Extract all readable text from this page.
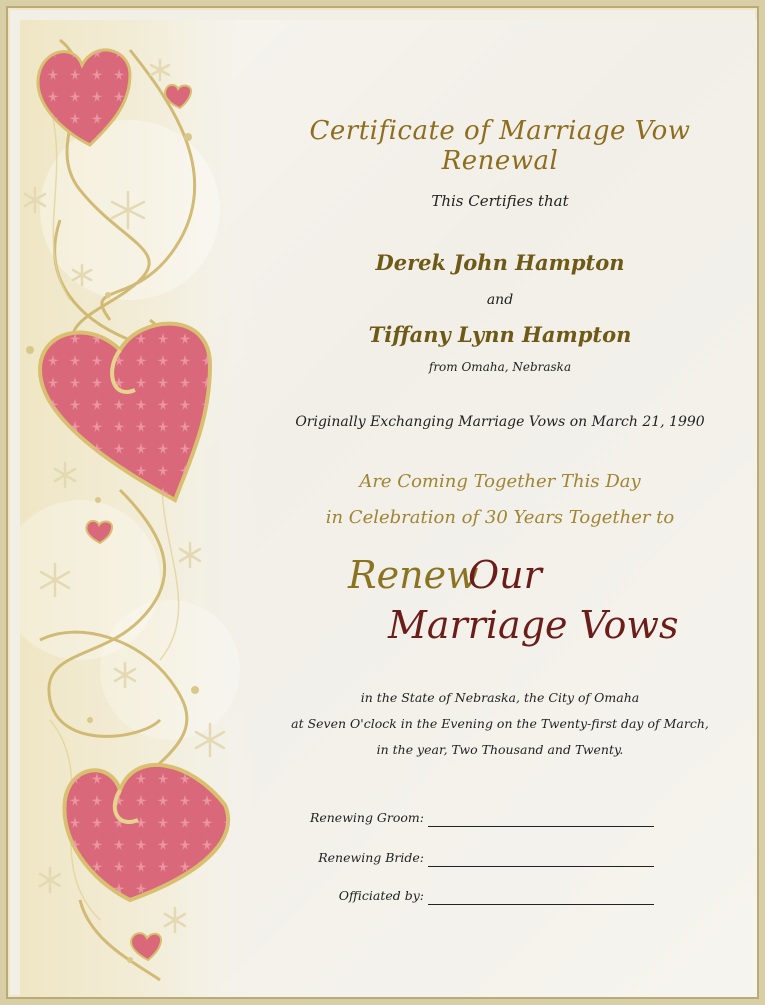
Certificate of Marriage Vow Renewal
This Certifies that
Derek John Hampton
and
Tiffany Lynn Hampton
from Omaha, Nebraska
Originally Exchanging Marriage Vows on March 21, 1990
Are Coming Together This Day
in Celebration of 30 Years Together to
Renew
Our
Marriage Vows
in the State of Nebraska, the City of Omaha
at Seven O'clock in the Evening on the Twenty-first day of March,
in the year, Two Thousand and Twenty.
Renewing Groom:
Renewing Bride:
Officiated by:
